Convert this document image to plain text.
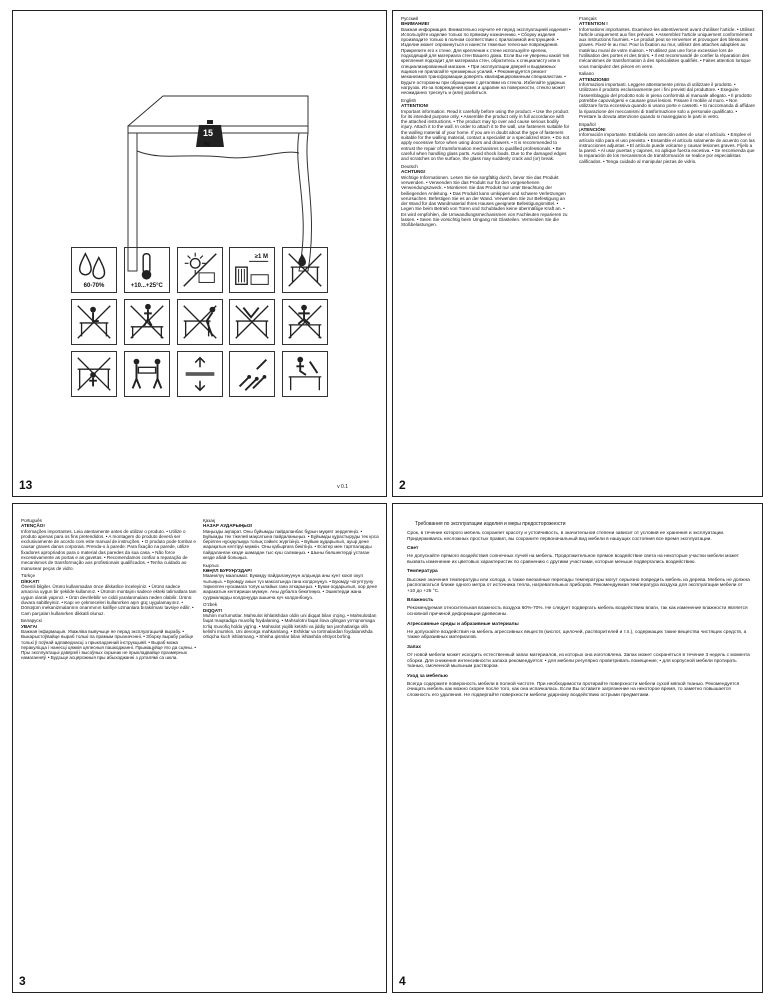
15
kg
60-70%	+10...+25°C
≥1 M
13	v 0.1

Русский

ВНИМАНИЕ!
Важная информация. Внимательно изучите её перед эксплуатацией изделия! • Используйте изделие только по прямому назначению. • Сборку изделия производите только в полном соответствии с прилагаемой инструкцией. • Изделие может опрокинуться и нанести тяжелые телесные повреждения. Прикрепите его к стене. Для крепления к стене используйте крепеж, подходящий для материала стен Вашего дома. Если Вы не уверены какой тип крепления подходит для материала стен, обратитесь к специалисту или в специализированный магазин. • При эксплуатации дверей и выдвижных ящиков не прилагайте чрезмерных усилий. • Рекомендуется ремонт механизмов трансформации доверять квалифицированным специалистам. • Будьте осторожны при обращении с деталями из стекла. Избегайте ударных нагрузок. Из-за повреждения краев и царапин на поверхности, стекло может неожиданно треснуть и (или) разбиться.

English

ATTENTION!
Important information. Read it carefully before using the product. • Use the product for its intended purpose only. • Assemble the product only in full accordance with the attached instructions. • The product may tip over and cause serious bodily injury. Attach it to the wall. In order to attach it to the wall, use fasteners suitable for the walling material of your home. If you are in doubt about the type of fasteners suitable for the walling material, contact a specialist or a specialized store. • Do not apply excessive force when using doors and drawers. • It is recommended to entrust the repair of transformation mechanisms to qualified professionals. • Be careful when handling glass parts. Avoid shock loads. Due to the damaged edges and scratches on the surface, the glass may suddenly crack and (or) break.

Deutsch

ACHTUNG!
Wichtige Informationen. Lesen Sie sie sorgfältig durch, bevor Sie das Produkt verwenden. • Verwenden Sie das Produkt nur für den vorgesehenen Verwendungszweck. • Montieren Sie das Produkt nur unter Beachtung der beiliegenden Anleitung. • Das Produkt kann umkippen und schwere Verletzungen verursachen. Befestigen Sie es an der Wand. Verwenden Sie zur Befestigung an der Wand für das Wandmaterial Ihres Hauses geeignete Befestigungsmittel. • Legen Sie beim Betrieb von Türen und Schubladen keine übermäßige Kraft an. • Es wird empfohlen, die Umwandlungsmechanismen von Fachleuten reparieren zu lassen. • Seien Sie vorsichtig beim Umgang mit Glasteilen. Vermeiden Sie die Stoßbelastungen.

Français

ATTENTION !
Informations importantes. Examinez-les attentivement avant d'utiliser l'article. • Utilisez l'article uniquement aux fins prévues. • Assemblez l'article uniquement conformément aux instructions fournies. • Le produit peut se renverser et provoquer des blessures graves. Fixez-le au mur. Pour la fixation au mur, utilisez des attaches adaptées au matériau mural de votre maison. • N'utilisez pas une force excessive lors de l'utilisation des portes et des tiroirs. • Il est recommandé de confier la réparation des mécanismes de transformation à des spécialistes qualifiés. • Faites attention lorsque vous manipulez des pièces en verre.

Italiano

ATTENZIONE!
Informazioni importanti. Leggere attentamente prima di utilizzare il prodotto. • Utilizzare il prodotto esclusivamente per i fini previsti dal produttore. • Eseguire l'assemblaggio del prodotto solo in piena conformità al manuale allegato. • Il prodotto potrebbe capovolgersi e causare gravi lesioni. Fissare il mobile al muro. • Non utilizzare forza eccessiva quando si usano porte e cassetti. • Si raccomanda di affidare la riparazione dei meccanismi di trasformazione solo a personale qualificato. • Prestare la dovuta attenzione quando si maneggiano le parti in vetro.

Español

¡ATENCIÓN!
Información importante. Estúdiela con atención antes de usar el artículo. • Emplee el artículo sólo para el uso previsto. • Ensamble el artículo solamente de acuerdo con las instrucciones adjuntas. • El artículo puede volcarse y causar lesiones graves. Fíjelo a la pared. • Al usar puertas y cajones, no aplique fuerza excesiva. • Se recomienda que la reparación de los mecanismos de transformación se realice por especialistas calificados. • Tenga cuidado al manipular piezas de vidrio.

2

Português

ATENÇÃO!
Informações importantes. Leia atentamente antes de utilizar o produto. • Utilize o produto apenas para os fins pretendidos. • A montagem do produto deverá ser exclusivamente de acordo com este manual de instruções. • O produto pode tombar e causar graves danos corporais. Prenda-o à parede. Para fixação na parede, utilize fixadores apropriados para o material das paredes da sua casa. • Não force excessivamente as portas e as gavetas. • Recomendamos confiar a reparação de mecanismos de transformação aos profissionais qualificados. • Tenha cuidado ao manusear peças de vidro.

Türkçe

DİKKAT!
Önemli bilgiler. Ürünü kullanmadan önce dikkatlice inceleyiniz. • Ürünü sadece amacına uygun bir şekilde kullanınız. • Ürünün montajını sadece ekteki talimatlara tam uygun olarak yapınız. • Ürün devrilebilir ve ciddi yaralanmalara neden olabilir. Ürünü duvara sabitleyiniz. • Kapı ve çekmeceleri kullanırken aşırı güç uygulamayınız. • Dönüşüm mekanizmalarının onarımının kalifiye uzmanlara bırakılması tavsiye edilir. • Cam parçaları kullanırken dikkatli olunuz.

Беларускі

УВАГА!
Важная інфармацыя. Уважліва вывучыце яе перад эксплуатацыяй вырабу. • Выкарыстоўвайце выраб толькі па прамым прызначэнні. • Зборку вырабу рабіце толькі ў поўнай адпаведнасці з прыкладзенай інструкцыяй. • Выраб можа перакуліцца і нанесці цяжкія цялесныя пашкоджанні. Прымацуйце яго да сцяны. • Пры эксплуатацыі дзвярэй і высоўных скрынак не прыкладвайце празмерных намаганняў. • Будзьце асцярожныя пры абыходжанні з дэталямі са шкла.

Қазақ

НАЗАР АУДАРЫҢЫЗ!
Маңызды ақпарат. Оны бұйымды пайдаланбас бұрын мұқият зерделеңіз. • Бұйымды тек тікелей мақсатына пайдаланыңыз. • Бұйымды құрастыруды тек қоса берілген нұсқаулыққа толық сәйкес жүргізіңіз. • Бұйым аударылып, ауыр дене жарақатын келтіруі мүмкін. Оны қабырғаға бекітіңіз. • Есіктер мен тартпаларды пайдаланған кезде шамадан тыс күш салмаңыз. • Шыны бөлшектерді ұстаған кезде абай болыңыз.

Кыргыз

КӨҢҮЛ БУРУҢУЗДАР!
Маанилүү маалымат. Буюмду пайдалануунун алдында аны кунт коюп окуп чыгыңыз. • Буюмду анын түз максатында гана колдонуңуз. • Буюмду чогултууну тиркелген нускамага толук ылайык гана аткарыңыз. • Буюм оодарылып, оор дене жаракатын келтириши мүмкүн. Аны дубалга бекитиңиз. • Эшиктерди жана суурмаларды колдонууда ашыкча күч колдонбоңуз.

O'zbek

DIQQAT!
Muhim ma'lumotlar. Mahsulot ishlatishdan oldin uni diqqat bilan o'qing. • Mahsulotdan faqat maqsadiga muvofiq foydalaning. • Mahsulotni faqat ilova qilingan yo'riqnomaga to'liq muvofiq holda yig'ing. • Mahsulot yiqilib ketishi va jiddiy tan jarohatlariga olib kelishi mumkin. Uni devorga mahkamlang. • Eshiklar va tortmalardan foydalanishda ortiqcha kuch ishlatmang. • Shisha qismlar bilan ishlashda ehtiyot bo'ling.

3
Требования по эксплуатации изделия и меры предосторожности

Срок, в течение которого мебель сохраняет красоту и устойчивость, в значительной степени зависит от условий ее хранения и эксплуатации. Придерживаясь несложных простых правил, вы сохраните первоначальный вид мебели в нашущих состояния все время эксплуатации.

Свет

Не допускайте прямого воздействия солнечных лучей на мебель. Продолжительное прямое воздействие света на некоторые участки мебели может вызвать изменение их цветовых характеристик по сравнению с другими участками, которые меньше подвергались воздействию.

Температура

Высокие значения температуры или холода, а также внезапные перепады температуры могут серьезно повредить мебель из дерева. Мебель не должна располагаться ближе одного метра от источника тепла, нагревательных приборов. Рекомендуемая температура воздуха для эксплуатации мебели от +10 до +25 °С.

Влажность

Рекомендуемая относительная влажность воздуха 60%-70%. Не следует подвергать мебель воздействию влаги, так как изменение влажности является основной причиной деформации древесины.

Агрессивные среды и абразивные материалы

Не допускайте воздействия на мебель агрессивных веществ (кислот, щелочей, растворителей и т.п.), содержащих такие вещества чистящих средств, а также абразивных материалов.

Запах

От новой мебели может исходить естественный запах материалов, из которых она изготовлена. Запах может сохраняться в течение 3 недель с момента сборки. Для снижения интенсивности запаха рекомендуется: • для мебели регулярно проветривать помещение; • для корпусной мебели протирать тканью, смоченной мыльным раствором.

Уход за мебелью

Всегда содержите поверхность мебели в полной чистоте. При необходимости протирайте поверхности мебели сухой мягкой тканью. Рекомендуется очищать мебель как можно скорее после того, как она испачкалась. Если Вы оставите загрязнение на некоторое время, то заметно повышается сложность его удаления. Не подвергайте поверхности мебели ударному воздействию острыми предметами.

4
